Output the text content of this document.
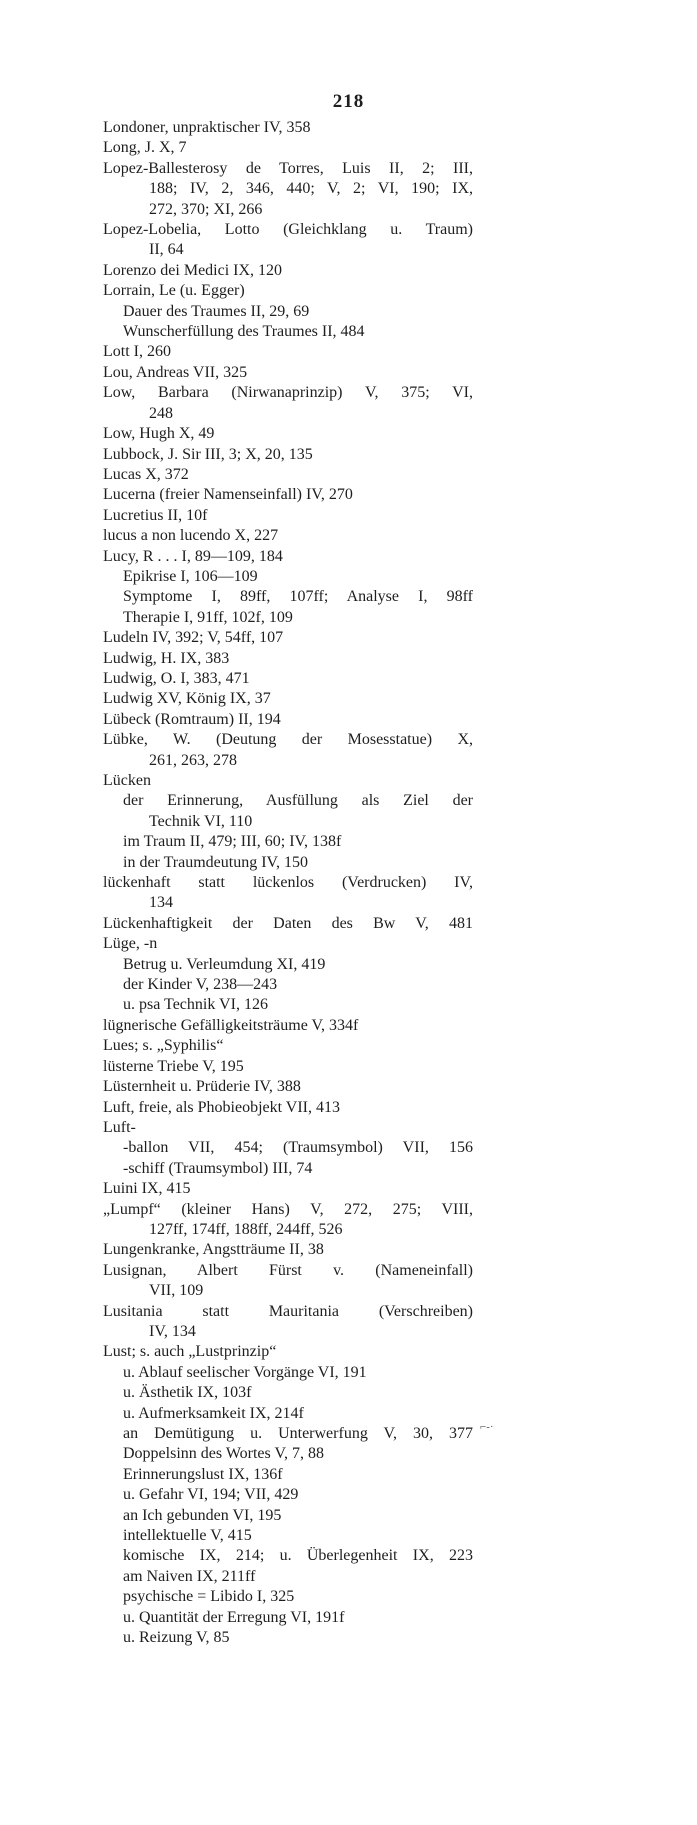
218
Londoner, unpraktischer IV, 358
Long, J. X, 7
Lopez-Ballesterosy de Torres, Luis II, 2; III,
188; IV, 2, 346, 440; V, 2; VI, 190; IX,
272, 370; XI, 266
Lopez-Lobelia, Lotto (Gleichklang u. Traum)
II, 64
Lorenzo dei Medici IX, 120
Lorrain, Le (u. Egger)
Dauer des Traumes II, 29, 69
Wunscherfüllung des Traumes II, 484
Lott I, 260
Lou, Andreas VII, 325
Low, Barbara (Nirwanaprinzip) V, 375; VI,
248
Low, Hugh X, 49
Lubbock, J. Sir III, 3; X, 20, 135
Lucas X, 372
Lucerna (freier Namenseinfall) IV, 270
Lucretius II, 10f
lucus a non lucendo X, 227
Lucy, R . . . I, 89—109, 184
Epikrise I, 106—109
Symptome I, 89ff, 107ff; Analyse I, 98ff
Therapie I, 91ff, 102f, 109
Ludeln IV, 392; V, 54ff, 107
Ludwig, H. IX, 383
Ludwig, O. I, 383, 471
Ludwig XV, König IX, 37
Lübeck (Romtraum) II, 194
Lübke, W. (Deutung der Mosesstatue) X,
261, 263, 278
Lücken
der Erinnerung, Ausfüllung als Ziel der
Technik VI, 110
im Traum II, 479; III, 60; IV, 138f
in der Traumdeutung IV, 150
lückenhaft statt lückenlos (Verdrucken) IV,
134
Lückenhaftigkeit der Daten des Bw V, 481
Lüge, -n
Betrug u. Verleumdung XI, 419
der Kinder V, 238—243
u. psa Technik VI, 126
lügnerische Gefälligkeitsträume V, 334f
Lues; s. „Syphilis“
lüsterne Triebe V, 195
Lüsternheit u. Prüderie IV, 388
Luft, freie, als Phobieobjekt VII, 413
Luft-
-ballon VII, 454; (Traumsymbol) VII, 156
-schiff (Traumsymbol) III, 74
Luini IX, 415
„Lumpf“ (kleiner Hans) V, 272, 275; VIII,
127ff, 174ff, 188ff, 244ff, 526
Lungenkranke, Angstträume II, 38
Lusignan, Albert Fürst v. (Nameneinfall)
VII, 109
Lusitania statt Mauritania (Verschreiben)
IV, 134
Lust; s. auch „Lustprinzip“
u. Ablauf seelischer Vorgänge VI, 191
u. Ästhetik IX, 103f
u. Aufmerksamkeit IX, 214f
an Demütigung u. Unterwerfung V, 30, 377
Doppelsinn des Wortes V, 7, 88
Erinnerungslust IX, 136f
u. Gefahr VI, 194; VII, 429
an Ich gebunden VI, 195
intellektuelle V, 415
komische IX, 214; u. Überlegenheit IX, 223
am Naiven IX, 211ff
psychische = Libido I, 325
u. Quantität der Erregung VI, 191f
u. Reizung V, 85
⌐-·
